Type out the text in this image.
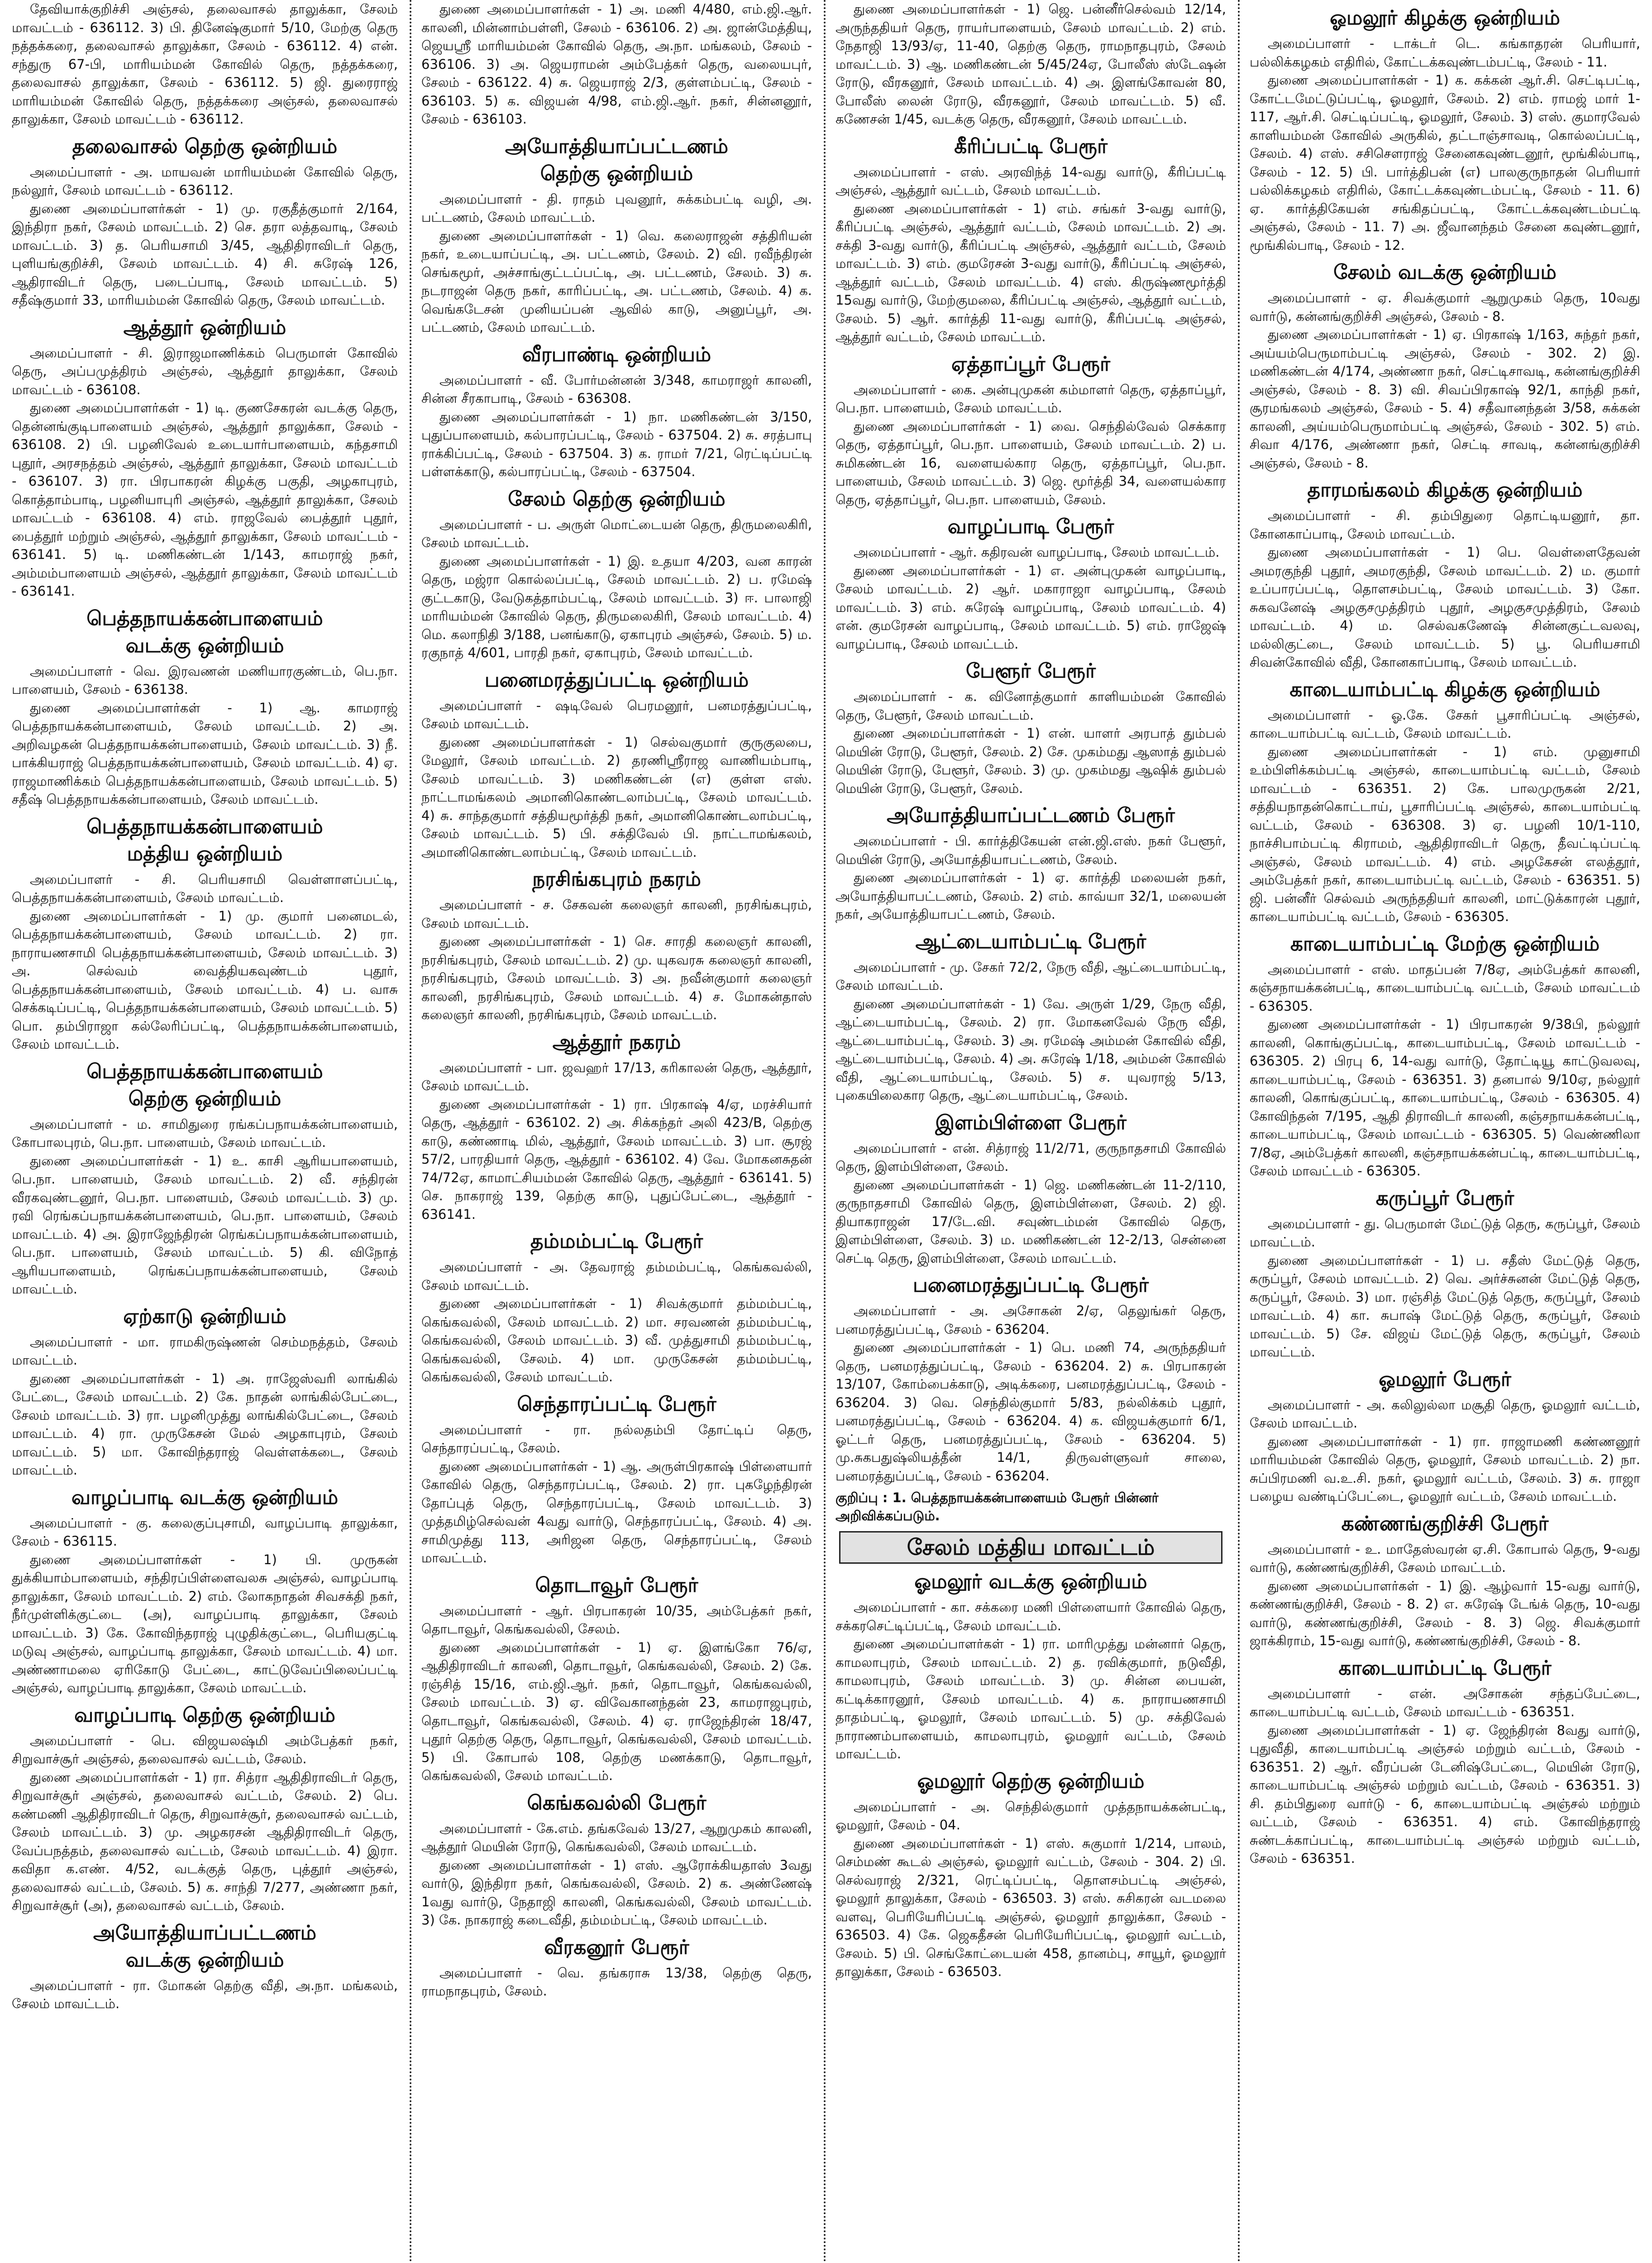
தேவியாக்குறிச்சி அஞ்சல், தலைவாசல் தாலுக்கா, சேலம் மாவட்டம் - 636112. 3) பி. தினேஷ்குமார் 5/10, மேற்கு தெரு நத்தக்கரை, தலைவாசல் தாலுக்கா, சேலம் - 636112. 4) என். சந்துரு 67-பி, மாரியம்மன் கோவில் தெரு, நத்தக்கரை, தலைவாசல் தாலுக்கா, சேலம் - 636112. 5) ஜி. துரைராஜ் மாரியம்மன் கோவில் தெரு, நத்தக்கரை அஞ்சல், தலைவாசல் தாலுக்கா, சேலம் மாவட்டம் - 636112.

தலைவாசல் தெற்கு ஒன்றியம்

அமைப்பாளர் - அ. மாயவன் மாரியம்மன் கோவில் தெரு, நல்லூர், சேலம் மாவட்டம் - 636112.

துணை அமைப்பாளர்கள் - 1) மு. ரகுதீத்குமார் 2/164, இந்திரா நகர், சேலம் மாவட்டம். 2) செ. தரா லத்தவாடி, சேலம் மாவட்டம். 3) த. பெரியசாமி 3/45, ஆதிதிராவிடர் தெரு, புளியங்குறிச்சி, சேலம் மாவட்டம். 4) சி. சுரேஷ் 126, ஆதிராவிடர் தெரு, படைப்பாடி, சேலம் மாவட்டம். 5) சதீஷ்குமார் 33, மாரியம்மன் கோவில் தெரு, சேலம் மாவட்டம்.

ஆத்தூர் ஒன்றியம்

அமைப்பாளர் - சி. இராஜமாணிக்கம் பெருமாள் கோவில் தெரு, அப்பமுத்திரம் அஞ்சல், ஆத்தூர் தாலுக்கா, சேலம் மாவட்டம் - 636108.

துணை அமைப்பாளர்கள் - 1) டி. குணசேகரன் வடக்கு தெரு, தென்னங்குடிபாளையம் அஞ்சல், ஆத்தூர் தாலுக்கா, சேலம் - 636108. 2) பி. பழனிவேல் உடையார்பாளையம், கந்தசாமி புதூர், அரசநத்தம் அஞ்சல், ஆத்தூர் தாலுக்கா, சேலம் மாவட்டம் - 636107. 3) ரா. பிரபாகரன் கிழக்கு பகுதி, அழகாபுரம், கொத்தாம்பாடி, பழனியாபுரி அஞ்சல், ஆத்தூர் தாலுக்கா, சேலம் மாவட்டம் - 636108. 4) எம். ராஜவேல் பைத்தூர் புதூர், பைத்தூர் மற்றும் அஞ்சல், ஆத்தூர் தாலுக்கா, சேலம் மாவட்டம் - 636141. 5) டி. மணிகண்டன் 1/143, காமராஜ் நகர், அம்மம்பாளையம் அஞ்சல், ஆத்தூர் தாலுக்கா, சேலம் மாவட்டம் - 636141.

பெத்தநாயக்கன்பாளையம்
வடக்கு ஒன்றியம்

அமைப்பாளர் - வெ. இரவணன் மணியாரகுண்டம், பெ.நா. பாளையம், சேலம் - 636138.

துணை அமைப்பாளர்கள் - 1) ஆ. காமராஜ் பெத்தநாயக்கன்பாளையம், சேலம் மாவட்டம். 2) அ. அறிவழகன் பெத்தநாயக்கன்பாளையம், சேலம் மாவட்டம். 3) நீ. பாக்கியராஜ் பெத்தநாயக்கன்பாளையம், சேலம் மாவட்டம். 4) ஏ. ராஜமாணிக்கம் பெத்தநாயக்கன்பாளையம், சேலம் மாவட்டம். 5) சதீஷ் பெத்தநாயக்கன்பாளையம், சேலம் மாவட்டம்.

பெத்தநாயக்கன்பாளையம்
மத்திய ஒன்றியம்

அமைப்பாளர் - சி. பெரியசாமி வெள்ளாளப்பட்டி, பெத்தநாயக்கன்பாளையம், சேலம் மாவட்டம்.

துணை அமைப்பாளர்கள் - 1) மு. குமார் பனைமடல், பெத்தநாயக்கன்பாளையம், சேலம் மாவட்டம். 2) ரா. நாராயணசாமி பெத்தநாயக்கன்பாளையம், சேலம் மாவட்டம். 3) அ. செல்வம் வைத்தியகவுண்டம் புதூர், பெத்தநாயக்கன்பாளையம், சேலம் மாவட்டம். 4) ப. வாசு செக்கடிப்பட்டி, பெத்தநாயக்கன்பாளையம், சேலம் மாவட்டம். 5) பொ. தம்பிராஜா கல்லேரிப்பட்டி, பெத்தநாயக்கன்பாளையம், சேலம் மாவட்டம்.

பெத்தநாயக்கன்பாளையம்
தெற்கு ஒன்றியம்

அமைப்பாளர் - ம. சாமிதுரை ரங்கப்பநாயக்கன்பாளையம், கோபாலபுரம், பெ.நா. பாளையம், சேலம் மாவட்டம்.

துணை அமைப்பாளர்கள் - 1) உ. காசி ஆரியபாளையம், பெ.நா. பாளையம், சேலம் மாவட்டம். 2) வீ. சந்திரன் வீரகவுண்டனூர், பெ.நா. பாளையம், சேலம் மாவட்டம். 3) மு. ரவி ரெங்கப்பநாயக்கன்பாளையம், பெ.நா. பாளையம், சேலம் மாவட்டம். 4) அ. இராஜேந்திரன் ரெங்கப்பநாயக்கன்பாளையம், பெ.நா. பாளையம், சேலம் மாவட்டம். 5) கி. விநோத் ஆரியபாளையம், ரெங்கப்பநாயக்கன்பாளையம், சேலம் மாவட்டம்.

ஏற்காடு ஒன்றியம்

அமைப்பாளர் - மா. ராமகிருஷ்ணன் செம்மநத்தம், சேலம் மாவட்டம்.

துணை அமைப்பாளர்கள் - 1) அ. ராஜேஸ்வரி லாங்கில் பேட்டை, சேலம் மாவட்டம். 2) கே. நாதன் லாங்கில்பேட்டை, சேலம் மாவட்டம். 3) ரா. பழனிமுத்து லாங்கில்பேட்டை, சேலம் மாவட்டம். 4) ரா. முருகேசன் மேல் அழகாபுரம், சேலம் மாவட்டம். 5) மா. கோவிந்தராஜ் வெள்ளக்கடை, சேலம் மாவட்டம்.

வாழப்பாடி வடக்கு ஒன்றியம்

அமைப்பாளர் - கு. கலைகுப்புசாமி, வாழப்பாடி தாலுக்கா, சேலம் - 636115.

துணை அமைப்பாளர்கள் - 1) பி. முருகன் துக்கியாம்பாளையம், சந்திரப்பிள்ளைவலசு அஞ்சல், வாழப்பாடி தாலுக்கா, சேலம் மாவட்டம். 2) எம். லோகநாதன் சிவசக்தி நகர், நீர்முள்ளிக்குட்டை (அ), வாழப்பாடி தாலுக்கா, சேலம் மாவட்டம். 3) கே. கோவிந்தராஜ் புழுதிக்குட்டை, பெரியகுட்டி மடுவு அஞ்சல், வாழப்பாடி தாலுக்கா, சேலம் மாவட்டம். 4) மா. அண்ணாமலை ஏரிகோடு பேட்டை, காட்டுவேப்பிலைப்பட்டி அஞ்சல், வாழப்பாடி தாலுக்கா, சேலம் மாவட்டம்.

வாழப்பாடி தெற்கு ஒன்றியம்

அமைப்பாளர் - பெ. விஜயலஷ்மி அம்பேத்கர் நகர், சிறுவாச்சூர் அஞ்சல், தலைவாசல் வட்டம், சேலம்.

துணை அமைப்பாளர்கள் - 1) ரா. சித்ரா ஆதிதிராவிடர் தெரு, சிறுவாச்சூர் அஞ்சல், தலைவாசல் வட்டம், சேலம். 2) பெ. கண்மணி ஆதிதிராவிடர் தெரு, சிறுவாச்சூர், தலைவாசல் வட்டம், சேலம் மாவட்டம். 3) மு. அழகரசன் ஆதிதிராவிடர் தெரு, வேப்பநத்தம், தலைவாசல் வட்டம், சேலம் மாவட்டம். 4) இரா. கவிதா க.எண். 4/52, வடக்குத் தெரு, புத்தூர் அஞ்சல், தலைவாசல் வட்டம், சேலம். 5) க. சாந்தி 7/277, அண்ணா நகர், சிறுவாச்சூர் (அ), தலைவாசல் வட்டம், சேலம்.

அயோத்தியாப்பட்டணம்
வடக்கு ஒன்றியம்

அமைப்பாளர் - ரா. மோகன் தெற்கு வீதி, அ.நா. மங்கலம், சேலம் மாவட்டம்.

துணை அமைப்பாளர்கள் - 1) அ. மணி 4/480, எம்.ஜி.ஆர். காலனி, மின்னாம்பள்ளி, சேலம் - 636106. 2) அ. ஜான்மேத்தியு, ஜெயஸ்ரீ மாரியம்மன் கோவில் தெரு, அ.நா. மங்கலம், சேலம் - 636106. 3) அ. ஜெயராமன் அம்பேத்கர் தெரு, வலையபுர், சேலம் - 636122. 4) சு. ஜெயராஜ் 2/3, குள்ளம்பட்டி, சேலம் - 636103. 5) க. விஜயன் 4/98, எம்.ஜி.ஆர். நகர், சின்னனூர், சேலம் - 636103.

அயோத்தியாப்பட்டணம்
தெற்கு ஒன்றியம்

அமைப்பாளர் - தி. ராதம் புவனூர், சுக்கம்பட்டி வழி, அ. பட்டணம், சேலம் மாவட்டம்.

துணை அமைப்பாளர்கள் - 1) வெ. கலைராஜன் சத்திரியன் நகர், உடையாப்பட்டி, அ. பட்டணம், சேலம். 2) வி. ரவீந்திரன் செங்கமூர், அச்சாங்குட்டப்பட்டி, அ. பட்டணம், சேலம். 3) சு. நடராஜன் தெரு நகர், காரிப்பட்டி, அ. பட்டணம், சேலம். 4) க. வெங்கடேசன் முனியப்பன் ஆவில் காடு, அனுப்பூர், அ. பட்டணம், சேலம் மாவட்டம்.

வீரபாண்டி ஒன்றியம்

அமைப்பாளர் - வீ. போர்மன்னன் 3/348, காமராஜர் காலனி, சின்ன சீரகாபாடி, சேலம் - 636308.

துணை அமைப்பாளர்கள் - 1) நா. மணிகண்டன் 3/150, புதுப்பாளையம், கல்பாரப்பட்டி, சேலம் - 637504. 2) சு. சரத்பாபு ராக்கிப்பட்டி, சேலம் - 637504. 3) க. ராமர் 7/21, ரெட்டிப்பட்டி பள்ளக்காடு, கல்பாரப்பட்டி, சேலம் - 637504.

சேலம் தெற்கு ஒன்றியம்

அமைப்பாளர் - ப. அருள் மொட்டையன் தெரு, திருமலைகிரி, சேலம் மாவட்டம்.

துணை அமைப்பாளர்கள் - 1) இ. உதயா 4/203, வன காரன் தெரு, மஜ்ரா கொல்லப்பட்டி, சேலம் மாவட்டம். 2) ப. ரமேஷ் குட்டகாடு, வேடுகத்தாம்பட்டி, சேலம் மாவட்டம். 3) ஈ. பாலாஜி மாரியம்மன் கோவில் தெரு, திருமலைகிரி, சேலம் மாவட்டம். 4) மெ. கலாநிதி 3/188, பனங்காடு, ஏகாபுரம் அஞ்சல், சேலம். 5) ம. ரகுநாத் 4/601, பாரதி நகர், ஏகாபுரம், சேலம் மாவட்டம்.

பனைமரத்துப்பட்டி ஒன்றியம்

அமைப்பாளர் - ஷடிவேல் பெரமனூர், பனமரத்துப்பட்டி, சேலம் மாவட்டம்.

துணை அமைப்பாளர்கள் - 1) செல்வகுமார் குருகுலபை, மேலூர், சேலம் மாவட்டம். 2) தரணிஸ்ரீராஜ வாணியம்பாடி, சேலம் மாவட்டம். 3) மணிகண்டன் (எ) குள்ள எஸ். நாட்டாமங்கலம் அமானிகொண்டலாம்பட்டி, சேலம் மாவட்டம். 4) சு. சாந்தகுமார் சத்தியமூர்த்தி நகர், அமானிகொண்டலாம்பட்டி, சேலம் மாவட்டம். 5) பி. சக்திவேல் பி. நாட்டாமங்கலம், அமானிகொண்டலாம்பட்டி, சேலம் மாவட்டம்.

நரசிங்கபுரம் நகரம்

அமைப்பாளர் - ச. சேகவன் கலைஞர் காலனி, நரசிங்கபுரம், சேலம் மாவட்டம்.

துணை அமைப்பாளர்கள் - 1) செ. சாரதி கலைஞர் காலனி, நரசிங்கபுரம், சேலம் மாவட்டம். 2) மு. யுகவரசு கலைஞர் காலனி, நரசிங்கபுரம், சேலம் மாவட்டம். 3) அ. நவீன்குமார் கலைஞர் காலனி, நரசிங்கபுரம், சேலம் மாவட்டம். 4) ச. மோகன்தாஸ் கலைஞர் காலனி, நரசிங்கபுரம், சேலம் மாவட்டம்.

ஆத்தூர் நகரம்

அமைப்பாளர் - பா. ஜவஹர் 17/13, கரிகாலன் தெரு, ஆத்தூர், சேலம் மாவட்டம்.

துணை அமைப்பாளர்கள் - 1) ரா. பிரகாஷ் 4/ஏ, மரச்சியார் தெரு, ஆத்தூர் - 636102. 2) அ. சிக்கந்தர் அலி 423/B, தெற்கு காடு, கண்ணாடி மில், ஆத்தூர், சேலம் மாவட்டம். 3) பா. சூரஜ் 57/2, பாரதியார் தெரு, ஆத்தூர் - 636102. 4) வே. மோகனசுதன் 74/72ஏ, காமாட்சியம்மன் கோவில் தெரு, ஆத்தூர் - 636141. 5) செ. நாகராஜ் 139, தெற்கு காடு, புதுப்பேட்டை, ஆத்தூர் - 636141.

தம்மம்பட்டி பேரூர்

அமைப்பாளர் - அ. தேவராஜ் தம்மம்பட்டி, கெங்கவல்லி, சேலம் மாவட்டம்.

துணை அமைப்பாளர்கள் - 1) சிவக்குமார் தம்மம்பட்டி, கெங்கவல்லி, சேலம் மாவட்டம். 2) மா. சரவணன் தம்மம்பட்டி, கெங்கவல்லி, சேலம் மாவட்டம். 3) வீ. முத்துசாமி தம்மம்பட்டி, கெங்கவல்லி, சேலம். 4) மா. முருகேசன் தம்மம்பட்டி, கெங்கவல்லி, சேலம் மாவட்டம்.

செந்தாரப்பட்டி பேரூர்

அமைப்பாளர் - ரா. நல்லதம்பி தோட்டிப் தெரு, செந்தாரப்பட்டி, சேலம்.

துணை அமைப்பாளர்கள் - 1) ஆ. அருள்பிரகாஷ் பிள்ளையார் கோவில் தெரு, செந்தாரப்பட்டி, சேலம். 2) ரா. புகழேந்திரன் தோப்புத் தெரு, செந்தாரப்பட்டி, சேலம் மாவட்டம். 3) முத்தமிழ்செல்வன் 4வது வார்டு, செந்தாரப்பட்டி, சேலம். 4) அ. சாமிமுத்து 113, அரிஜன தெரு, செந்தாரப்பட்டி, சேலம் மாவட்டம்.

தொடாவூர் பேரூர்

அமைப்பாளர் - ஆர். பிரபாகரன் 10/35, அம்பேத்கர் நகர், தொடாவூர், கெங்கவல்லி, சேலம்.

துணை அமைப்பாளர்கள் - 1) ஏ. இளங்கோ 76/ஏ, ஆதிதிராவிடர் காலனி, தொடாவூர், கெங்கவல்லி, சேலம். 2) கே. ரஞ்சித் 15/16, எம்.ஜி.ஆர். நகர், தொடாவூர், கெங்கவல்லி, சேலம் மாவட்டம். 3) ஏ. விவேகானந்தன் 23, காமராஜபுரம், தொடாவூர், கெங்கவல்லி, சேலம். 4) ஏ. ராஜேந்திரன் 18/47, புதூர் தெற்கு தெரு, தொடாவூர், கெங்கவல்லி, சேலம் மாவட்டம். 5) பி. கோபால் 108, தெற்கு மணக்காடு, தொடாவூர், கெங்கவல்லி, சேலம் மாவட்டம்.

கெங்கவல்லி பேரூர்

அமைப்பாளர் - கே.எம். தங்கவேல் 13/27, ஆறுமுகம் காலனி, ஆத்தூர் மெயின் ரோடு, கெங்கவல்லி, சேலம் மாவட்டம்.

துணை அமைப்பாளர்கள் - 1) எஸ். ஆரோக்கியதாஸ் 3வது வார்டு, இந்திரா நகர், கெங்கவல்லி, சேலம். 2) க. அண்ணேஷ் 1வது வார்டு, நேதாஜி காலனி, கெங்கவல்லி, சேலம் மாவட்டம். 3) கே. நாகராஜ் கடைவீதி, தம்மம்பட்டி, சேலம் மாவட்டம்.

வீரகனூர் பேரூர்

அமைப்பாளர் - வெ. தங்கராசு 13/38, தெற்கு தெரு, ராமநாதபுரம், சேலம்.

துணை அமைப்பாளர்கள் - 1) ஜெ. பன்னீர்செல்வம் 12/14, அருந்ததியர் தெரு, ராயர்பாளையம், சேலம் மாவட்டம். 2) எம். நேதாஜி 13/93/ஏ, 11-40, தெற்கு தெரு, ராமநாதபுரம், சேலம் மாவட்டம். 3) ஆ. மணிகண்டன் 5/45/24ஏ, போலீஸ் ஸ்டேஷன் ரோடு, வீரகனூர், சேலம் மாவட்டம். 4) அ. இளங்கோவன் 80, போலீஸ் லைன் ரோடு, வீரகனூர், சேலம் மாவட்டம். 5) வீ. கணேசன் 1/45, வடக்கு தெரு, வீரகனூர், சேலம் மாவட்டம்.

கீரிப்பட்டி பேரூர்

அமைப்பாளர் - எஸ். அரவிந்த் 14-வது வார்டு, கீரிப்பட்டி அஞ்சல், ஆத்தூர் வட்டம், சேலம் மாவட்டம்.

துணை அமைப்பாளர்கள் - 1) எம். சங்கர் 3-வது வார்டு, கீரிப்பட்டி அஞ்சல், ஆத்தூர் வட்டம், சேலம் மாவட்டம். 2) அ. சக்தி 3-வது வார்டு, கீரிப்பட்டி அஞ்சல், ஆத்தூர் வட்டம், சேலம் மாவட்டம். 3) எம். குமரேசன் 3-வது வார்டு, கீரிப்பட்டி அஞ்சல், ஆத்தூர் வட்டம், சேலம் மாவட்டம். 4) எஸ். கிருஷ்ணமூர்த்தி 15வது வார்டு, மேற்குமலை, கீரிப்பட்டி அஞ்சல், ஆத்தூர் வட்டம், சேலம். 5) ஆர். கார்த்தி 11-வது வார்டு, கீரிப்பட்டி அஞ்சல், ஆத்தூர் வட்டம், சேலம் மாவட்டம்.

ஏத்தாப்பூர் பேரூர்

அமைப்பாளர் - கை. அன்புமுகன் கம்மாளர் தெரு, ஏத்தாப்பூர், பெ.நா. பாளையம், சேலம் மாவட்டம்.

துணை அமைப்பாளர்கள் - 1) வை. செந்தில்வேல் செக்கார தெரு, ஏத்தாப்பூர், பெ.நா. பாளையம், சேலம் மாவட்டம். 2) ப. சுமிகண்டன் 16, வளையல்கார தெரு, ஏத்தாப்பூர், பெ.நா. பாளையம், சேலம் மாவட்டம். 3) ஜெ. மூர்த்தி 34, வளையல்கார தெரு, ஏத்தாப்பூர், பெ.நா. பாளையம், சேலம்.

வாழப்பாடி பேரூர்

அமைப்பாளர் - ஆர். கதிரவன் வாழப்பாடி, சேலம் மாவட்டம்.

துணை அமைப்பாளர்கள் - 1) எ. அன்புமுகன் வாழப்பாடி, சேலம் மாவட்டம். 2) ஆர். மகாராஜா வாழப்பாடி, சேலம் மாவட்டம். 3) எம். சுரேஷ் வாழப்பாடி, சேலம் மாவட்டம். 4) என். குமரேசன் வாழப்பாடி, சேலம் மாவட்டம். 5) எம். ராஜேஷ் வாழப்பாடி, சேலம் மாவட்டம்.

பேளூர் பேரூர்

அமைப்பாளர் - க. வினோத்குமார் காளியம்மன் கோவில் தெரு, பேளூர், சேலம் மாவட்டம்.

துணை அமைப்பாளர்கள் - 1) என். யாளர் அரபாத் தும்பல் மெயின் ரோடு, பேளூர், சேலம். 2) சே. முகம்மது ஆஸாத் தும்பல் மெயின் ரோடு, பேளூர், சேலம். 3) மு. முகம்மது ஆஷிக் தும்பல் மெயின் ரோடு, பேளூர், சேலம்.

அயோத்தியாப்பட்டணம் பேரூர்

அமைப்பாளர் - பி. கார்த்திகேயன் என்.ஜி.எஸ். நகர் பேளூர், மெயின் ரோடு, அயோத்தியாபட்டணம், சேலம்.

துணை அமைப்பாளர்கள் - 1) ஏ. கார்த்தி மலையன் நகர், அயோத்தியாபட்டணம், சேலம். 2) எம். காவ்யா 32/1, மலையன் நகர், அயோத்தியாபட்டணம், சேலம்.

ஆட்டையாம்பட்டி பேரூர்

அமைப்பாளர் - மு. சேகர் 72/2, நேரு வீதி, ஆட்டையாம்பட்டி, சேலம் மாவட்டம்.

துணை அமைப்பாளர்கள் - 1) வே. அருள் 1/29, நேரு வீதி, ஆட்டையாம்பட்டி, சேலம். 2) ரா. மோகனவேல் நேரு வீதி, ஆட்டையாம்பட்டி, சேலம். 3) அ. ரமேஷ் அம்மன் கோவில் வீதி, ஆட்டையாம்பட்டி, சேலம். 4) அ. சுரேஷ் 1/18, அம்மன் கோவில் வீதி, ஆட்டையாம்பட்டி, சேலம். 5) ச. யுவராஜ் 5/13, புகையிலைகார தெரு, ஆட்டையாம்பட்டி, சேலம்.

இளம்பிள்ளை பேரூர்

அமைப்பாளர் - என். சித்ராஜ் 11/2/71, குருநாதசாமி கோவில் தெரு, இளம்பிள்ளை, சேலம்.

துணை அமைப்பாளர்கள் - 1) ஜெ. மணிகண்டன் 11-2/110, குருநாதசாமி கோவில் தெரு, இளம்பிள்ளை, சேலம். 2) ஜி. தியாகராஜன் 17/டே.வி. சவுண்டம்மன் கோவில் தெரு, இளம்பிள்ளை, சேலம். 3) ம. மணிகண்டன் 12-2/13, சென்னை செட்டி தெரு, இளம்பிள்ளை, சேலம் மாவட்டம்.

பனைமரத்துப்பட்டி பேரூர்

அமைப்பாளர் - அ. அசோகன் 2/ஏ, தெலுங்கர் தெரு, பனமரத்துப்பட்டி, சேலம் - 636204.

துணை அமைப்பாளர்கள் - 1) பெ. மணி 74, அருந்ததியர் தெரு, பனமரத்துப்பட்டி, சேலம் - 636204. 2) சு. பிரபாகரன் 13/107, கோம்பைக்காடு, அடிக்கரை, பனமரத்துப்பட்டி, சேலம் - 636204. 3) வெ. செந்தில்குமார் 5/83, நல்லிக்கம் புதூர், பனமரத்துப்பட்டி, சேலம் - 636204. 4) க. விஜயக்குமார் 6/1, ஓட்டர் தெரு, பனமரத்துப்பட்டி, சேலம் - 636204. 5) மு.சுகபதுஷ்லியத்தீன் 14/1, திருவள்ளுவர் சாலை, பனமரத்துப்பட்டி, சேலம் - 636204.

குறிப்பு : 1. பெத்தநாயக்கன்பாளையம் பேரூர் பின்னர் அறிவிக்கப்படும்.

சேலம் மத்திய மாவட்டம்
ஓமலூர் வடக்கு ஒன்றியம்

அமைப்பாளர் - கா. சக்கரை மணி பிள்ளையார் கோவில் தெரு, சக்கரசெட்டிப்பட்டி, சேலம் மாவட்டம்.

துணை அமைப்பாளர்கள் - 1) ரா. மாரிமுத்து மன்னார் தெரு, காமலாபுரம், சேலம் மாவட்டம். 2) த. ரவிக்குமார், நடுவீதி, காமலாபுரம், சேலம் மாவட்டம். 3) மு. சின்ன பையன், கட்டிக்காரனூர், சேலம் மாவட்டம். 4) க. நாராயணசாமி தாதம்பட்டி, ஓமலூர், சேலம் மாவட்டம். 5) மு. சக்திவேல் நாராணம்பாளையம், காமலாபுரம், ஓமலூர் வட்டம், சேலம் மாவட்டம்.

ஓமலூர் தெற்கு ஒன்றியம்

அமைப்பாளர் - அ. செந்தில்குமார் முத்தநாயக்கன்பட்டி, ஓமலூர், சேலம் - 04.

துணை அமைப்பாளர்கள் - 1) எஸ். சுகுமார் 1/214, பாலம், செம்மண் கூடல் அஞ்சல், ஓமலூர் வட்டம், சேலம் - 304. 2) பி. செல்வராஜ் 2/321, ரெட்டிப்பட்டி, தொளசம்பட்டி அஞ்சல், ஓமலூர் தாலுக்கா, சேலம் - 636503. 3) எஸ். சுசிகரன் வடமலை வளவு, பெரியேரிப்பட்டி அஞ்சல், ஓமலூர் தாலுக்கா, சேலம் - 636503. 4) கே. ஜெகதீசன் பெரியேரிப்பட்டி, ஓமலூர் வட்டம், சேலம். 5) பி. செங்கோட்டையன் 458, தானம்பு, சாயூர், ஓமலூர் தாலுக்கா, சேலம் - 636503.

ஓமலூர் கிழக்கு ஒன்றியம்

அமைப்பாளர் - டாக்டர் டெ. கங்காதரன் பெரியார், பல்லிக்கழகம் எதிரில், கோட்டக்கவுண்டம்பட்டி, சேலம் - 11.

துணை அமைப்பாளர்கள் - 1) க. கக்கன் ஆர்.சி. செட்டிபட்டி, கோட்டமேட்டுப்பட்டி, ஓமலூர், சேலம். 2) எம். ராமஜ் மார் 1-117, ஆர்.சி. செட்டிப்பட்டி, ஓமலூர், சேலம். 3) எஸ். குமாரவேல் காளியம்மன் கோவில் அருகில், தட்டாஞ்சாவடி, கொல்லப்பட்டி, சேலம். 4) எஸ். சசிசெளராஜ் சேனைகவுண்டனூர், மூங்கில்பாடி, சேலம் - 12. 5) பி. பார்த்திபன் (எ) பாலகுருநாதன் பெரியார் பல்லிக்கழகம் எதிரில், கோட்டக்கவுண்டம்பட்டி, சேலம் - 11. 6) ஏ. கார்த்திகேயன் சங்கிதப்பட்டி, கோட்டக்கவுண்டம்பட்டி அஞ்சல், சேலம் - 11. 7) அ. ஜீவானந்தம் சேனை கவுண்டனூர், மூங்கில்பாடி, சேலம் - 12.

சேலம் வடக்கு ஒன்றியம்

அமைப்பாளர் - ஏ. சிவக்குமார் ஆறுமுகம் தெரு, 10வது வார்டு, கன்னங்குறிச்சி அஞ்சல், சேலம் - 8.

துணை அமைப்பாளர்கள் - 1) ஏ. பிரகாஷ் 1/163, சுந்தர் நகர், அய்யம்பெருமாம்பட்டி அஞ்சல், சேலம் - 302. 2) இ. மணிகண்டன் 4/174, அண்ணா நகர், செட்டிசாவடி, கன்னங்குறிச்சி அஞ்சல், சேலம் - 8. 3) வி. சிவப்பிரகாஷ் 92/1, காந்தி நகர், சூரமங்கலம் அஞ்சல், சேலம் - 5. 4) சதீவானந்தன் 3/58, சுக்கன் காலனி, அய்யம்பெருமாம்பட்டி அஞ்சல், சேலம் - 302. 5) எம். சிவா 4/176, அண்ணா நகர், செட்டி சாவடி, கன்னங்குறிச்சி அஞ்சல், சேலம் - 8.

தாரமங்கலம் கிழக்கு ஒன்றியம்

அமைப்பாளர் - சி. தம்பிதுரை தொட்டியனூர், தா. கோனகாப்பாடி, சேலம் மாவட்டம்.

துணை அமைப்பாளர்கள் - 1) பெ. வெள்ளைதேவன் அமரகுந்தி புதூர், அமரகுந்தி, சேலம் மாவட்டம். 2) ம. குமார் உப்பாரப்பட்டி, தொளசம்பட்டி, சேலம் மாவட்டம். 3) கோ. சுகவனேஷ் அழகுசமுத்திரம் புதூர், அழகுசமுத்திரம், சேலம் மாவட்டம். 4) ம. செல்வகணேஷ் சின்னகுட்டவலவு, மல்லிகுட்டை, சேலம் மாவட்டம். 5) பூ. பெரியசாமி சிவன்கோவில் வீதி, கோனகாப்பாடி, சேலம் மாவட்டம்.

காடையாம்பட்டி கிழக்கு ஒன்றியம்

அமைப்பாளர் - ஓ.கே. சேகர் பூசாரிப்பட்டி அஞ்சல், காடையாம்பட்டி வட்டம், சேலம் மாவட்டம்.

துணை அமைப்பாளர்கள் - 1) எம். முனுசாமி உம்பிளிக்கம்பட்டி அஞ்சல், காடையாம்பட்டி வட்டம், சேலம் மாவட்டம் - 636351. 2) கே. பாலமுருகன் 2/21, சத்தியநாதன்கொட்டாய், பூசாரிப்பட்டி அஞ்சல், காடையாம்பட்டி வட்டம், சேலம் - 636308. 3) ஏ. பழனி 10/1-110, நாச்சிபாம்பட்டி கிராமம், ஆதிதிராவிடர் தெரு, தீவட்டிப்பட்டி அஞ்சல், சேலம் மாவட்டம். 4) எம். அழகேசன் எலத்தூர், அம்பேத்கர் நகர், காடையாம்பட்டி வட்டம், சேலம் - 636351. 5) ஜி. பன்னீர் செல்வம் அருந்ததியர் காலனி, மாட்டுக்காரன் புதூர், காடையாம்பட்டி வட்டம், சேலம் - 636305.

காடையாம்பட்டி மேற்கு ஒன்றியம்

அமைப்பாளர் - எஸ். மாதப்பன் 7/8ஏ, அம்பேத்கர் காலனி, கஞ்சநாயக்கன்பட்டி, காடையாம்பட்டி வட்டம், சேலம் மாவட்டம் - 636305.

துணை அமைப்பாளர்கள் - 1) பிரபாகரன் 9/38பி, நல்லூர் காலனி, கொங்குப்பட்டி, காடையாம்பட்டி, சேலம் மாவட்டம் - 636305. 2) பிரபு 6, 14-வது வார்டு, தோட்டியூ காட்டுவலவு, காடையாம்பட்டி, சேலம் - 636351. 3) தனபால் 9/10ஏ, நல்லூர் காலனி, கொங்குப்பட்டி, காடையாம்பட்டி, சேலம் - 636305. 4) கோவிந்தன் 7/195, ஆதி திராவிடர் காலனி, கஞ்சநாயக்கன்பட்டி, காடையாம்பட்டி, சேலம் மாவட்டம் - 636305. 5) வெண்ணிலா 7/8ஏ, அம்பேத்கர் காலனி, கஞ்சநாயக்கன்பட்டி, காடையாம்பட்டி, சேலம் மாவட்டம் - 636305.

கருப்பூர் பேரூர்

அமைப்பாளர் - து. பெருமாள் மேட்டுத் தெரு, கருப்பூர், சேலம் மாவட்டம்.

துணை அமைப்பாளர்கள் - 1) ப. சதீஸ் மேட்டுத் தெரு, கருப்பூர், சேலம் மாவட்டம். 2) வெ. அர்ச்சுனன் மேட்டுத் தெரு, கருப்பூர், சேலம். 3) மா. ரஞ்சித் மேட்டுத் தெரு, கருப்பூர், சேலம் மாவட்டம். 4) கா. சுபாஷ் மேட்டுத் தெரு, கருப்பூர், சேலம் மாவட்டம். 5) சே. விஜய் மேட்டுத் தெரு, கருப்பூர், சேலம் மாவட்டம்.

ஓமலூர் பேரூர்

அமைப்பாளர் - அ. கலிலுல்லா மசூதி தெரு, ஓமலூர் வட்டம், சேலம் மாவட்டம்.

துணை அமைப்பாளர்கள் - 1) ரா. ராஜாமணி கண்ணனூர் மாரியம்மன் கோவில் தெரு, ஓமலூர், சேலம் மாவட்டம். 2) நா. சுப்பிரமணி வ.உ.சி. நகர், ஓமலூர் வட்டம், சேலம். 3) சு. ராஜா பழைய வண்டிப்பேட்டை, ஓமலூர் வட்டம், சேலம் மாவட்டம்.

கண்ணங்குறிச்சி பேரூர்

அமைப்பாளர் - உ. மாதேஸ்வரன் ஏ.சி. கோபால் தெரு, 9-வது வார்டு, கண்ணங்குறிச்சி, சேலம் மாவட்டம்.

துணை அமைப்பாளர்கள் - 1) இ. ஆழ்வார் 15-வது வார்டு, கண்ணங்குறிச்சி, சேலம் - 8. 2) எ. சுரேஷ் டேங்க் தெரு, 10-வது வார்டு, கண்ணங்குறிச்சி, சேலம் - 8. 3) ஜெ. சிவக்குமார் ஜாக்கிராம், 15-வது வார்டு, கண்ணங்குறிச்சி, சேலம் - 8.

காடையாம்பட்டி பேரூர்

அமைப்பாளர் - என். அசோகன் சந்தப்பேட்டை, காடையாம்பட்டி வட்டம், சேலம் மாவட்டம் - 636351.

துணை அமைப்பாளர்கள் - 1) ஏ. ஜேந்திரன் 8வது வார்டு, புதுவீதி, காடையாம்பட்டி அஞ்சல் மற்றும் வட்டம், சேலம் - 636351. 2) ஆர். வீரப்பன் டேனிஷ்பேட்டை, மெயின் ரோடு, காடையாம்பட்டி அஞ்சல் மற்றும் வட்டம், சேலம் - 636351. 3) சி. தம்பிதுரை வார்டு - 6, காடையாம்பட்டி அஞ்சல் மற்றும் வட்டம், சேலம் - 636351. 4) எம். கோவிந்தராஜ் சுண்டக்காப்பட்டி, காடையாம்பட்டி அஞ்சல் மற்றும் வட்டம், சேலம் - 636351.
